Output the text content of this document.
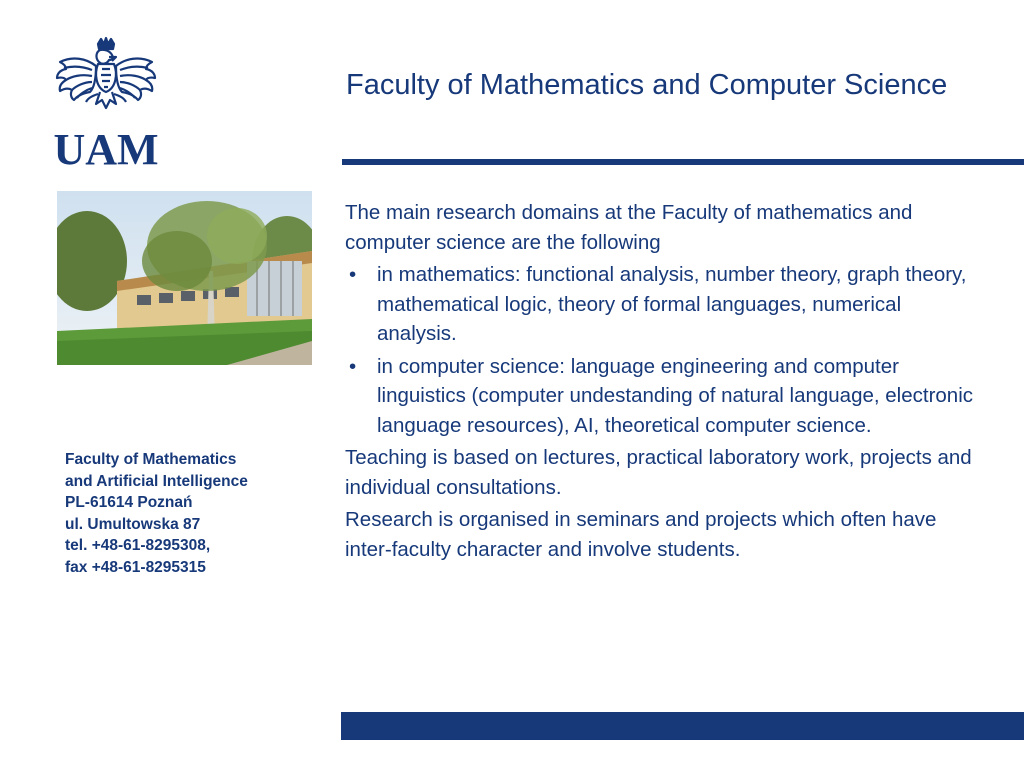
UAM
Faculty of Mathematics and Computer Science
Faculty of Mathematics
and Artificial Intelligence
PL-61614 Poznań
ul. Umultowska 87
tel. +48-61-8295308,
fax +48-61-8295315

The main research domains at the Faculty of mathematics and computer science are the following

• in mathematics: functional analysis, number theory, graph theory, mathematical logic, theory of formal languages, numerical analysis.
• in computer science: language engineering and computer linguistics (computer undestanding of natural language, electronic language resources), AI, theoretical computer science.

Teaching is based on lectures, practical laboratory work, projects and individual consultations.

Research is organised in seminars and projects which often have inter-faculty character and involve students.
